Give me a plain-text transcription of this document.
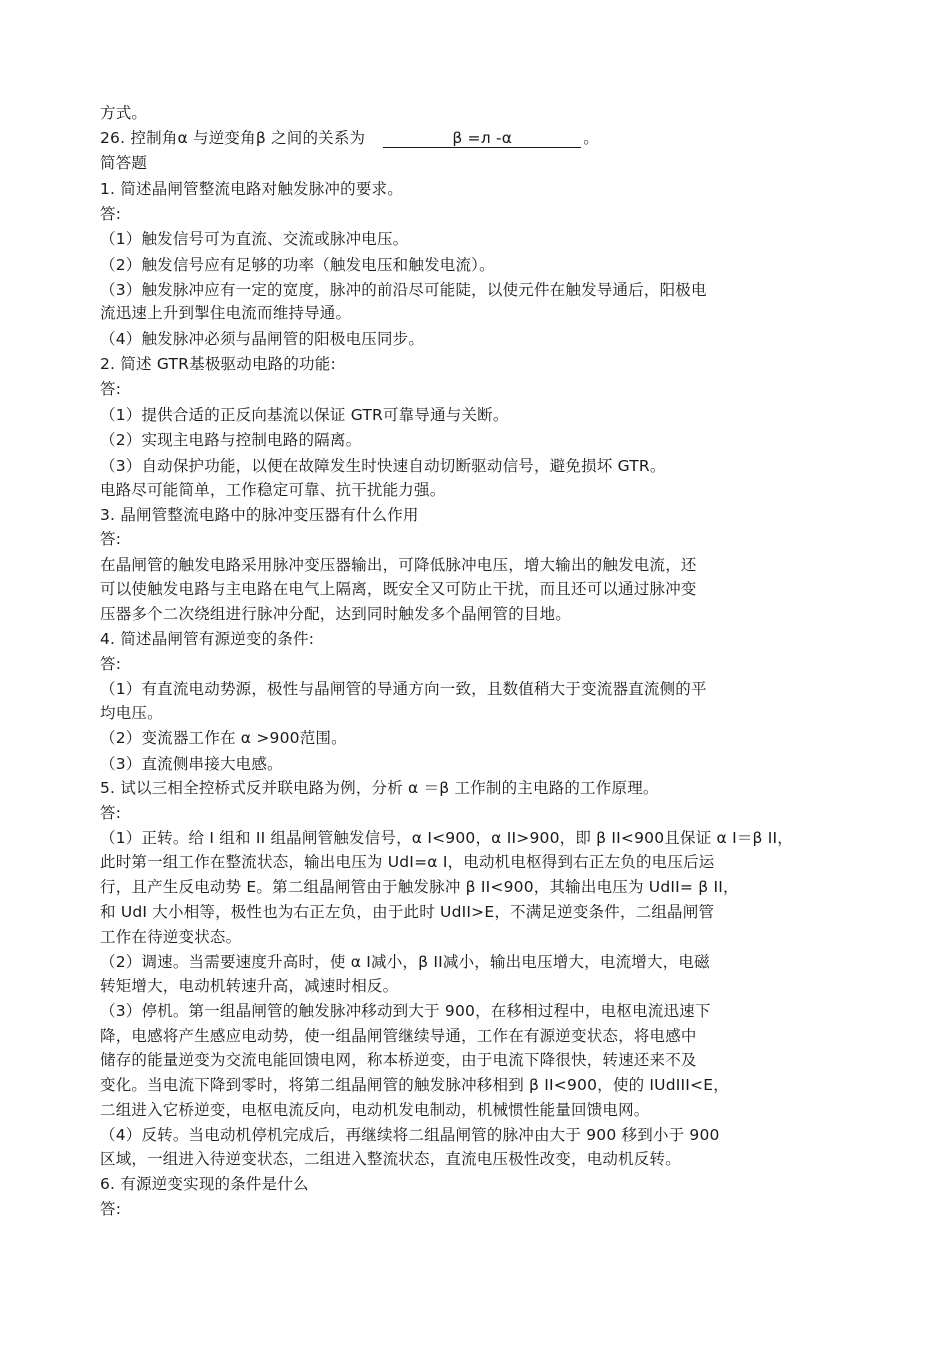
方式。
26. 控制角α 与逆变角β 之间的关系为	β =л -α	。
简答题
1. 简述晶闸管整流电路对触发脉冲的要求。
答:
（1）触发信号可为直流、交流或脉冲电压。
（2）触发信号应有足够的功率（触发电压和触发电流）。
（3）触发脉冲应有一定的宽度，脉冲的前沿尽可能陡，以使元件在触发导通后，阳极电
流迅速上升到掣住电流而维持导通。
（4）触发脉冲必须与晶闸管的阳极电压同步。
2. 简述 GTR基极驱动电路的功能:
答:
（1）提供合适的正反向基流以保证 GTR可靠导通与关断。
（2）实现主电路与控制电路的隔离。
（3）自动保护功能，以便在故障发生时快速自动切断驱动信号，避免损坏 GTR。
电路尽可能简单，工作稳定可靠、抗干扰能力强。
3. 晶闸管整流电路中的脉冲变压器有什么作用
答:
在晶闸管的触发电路采用脉冲变压器输出，可降低脉冲电压，增大输出的触发电流，还
可以使触发电路与主电路在电气上隔离，既安全又可防止干扰，而且还可以通过脉冲变
压器多个二次绕组进行脉冲分配，达到同时触发多个晶闸管的目地。
4. 简述晶闸管有源逆变的条件:
答:
（1）有直流电动势源，极性与晶闸管的导通方向一致，且数值稍大于变流器直流侧的平
均电压。
（2）变流器工作在 α >900范围。
（3）直流侧串接大电感。
5. 试以三相全控桥式反并联电路为例，分析 α ＝β 工作制的主电路的工作原理。
答:
（1）正转。给 I 组和 II 组晶闸管触发信号，α I<900，α II>900，即 β II<900且保证 α I＝β II，
此时第一组工作在整流状态，输出电压为 UdI=α I，电动机电枢得到右正左负的电压后运
行，且产生反电动势 E。第二组晶闸管由于触发脉冲 β II<900，其输出电压为 UdII= β II，
和 UdI 大小相等，极性也为右正左负，由于此时 UdII>E，不满足逆变条件，二组晶闸管
工作在待逆变状态。
（2）调速。当需要速度升高时，使 α I减小，β II减小，输出电压增大，电流增大，电磁
转矩增大，电动机转速升高，减速时相反。
（3）停机。第一组晶闸管的触发脉冲移动到大于 900，在移相过程中，电枢电流迅速下
降，电感将产生感应电动势，使一组晶闸管继续导通，工作在有源逆变状态，将电感中
储存的能量逆变为交流电能回馈电网，称本桥逆变，由于电流下降很快，转速还来不及
变化。当电流下降到零时，将第二组晶闸管的触发脉冲移相到 β II<900，使的 IUdIII<E，
二组进入它桥逆变，电枢电流反向，电动机发电制动，机械惯性能量回馈电网。
（4）反转。当电动机停机完成后，再继续将二组晶闸管的脉冲由大于 900 移到小于 900
区域，一组进入待逆变状态，二组进入整流状态，直流电压极性改变，电动机反转。
6. 有源逆变实现的条件是什么
答:
